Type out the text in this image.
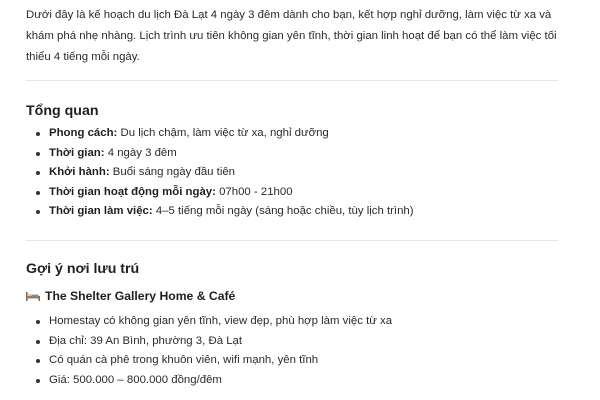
Dưới đây là kế hoạch du lịch Đà Lạt 4 ngày 3 đêm dành cho bạn, kết hợp nghỉ dưỡng, làm việc từ xa và khám phá nhẹ nhàng. Lịch trình ưu tiên không gian yên tĩnh, thời gian linh hoạt để bạn có thể làm việc tối thiểu 4 tiếng mỗi ngày.

Tổng quan
Phong cách: Du lịch chậm, làm việc từ xa, nghỉ dưỡng
Thời gian: 4 ngày 3 đêm
Khởi hành: Buổi sáng ngày đầu tiên
Thời gian hoạt động mỗi ngày: 07h00 - 21h00
Thời gian làm việc: 4–5 tiếng mỗi ngày (sáng hoặc chiều, tùy lịch trình)
Gợi ý nơi lưu trú
The Shelter Gallery Home & Café
Homestay có không gian yên tĩnh, view đẹp, phù hợp làm việc từ xa
Địa chỉ: 39 An Bình, phường 3, Đà Lạt
Có quán cà phê trong khuôn viên, wifi mạnh, yên tĩnh
Giá: 500.000 – 800.000 đồng/đêm
